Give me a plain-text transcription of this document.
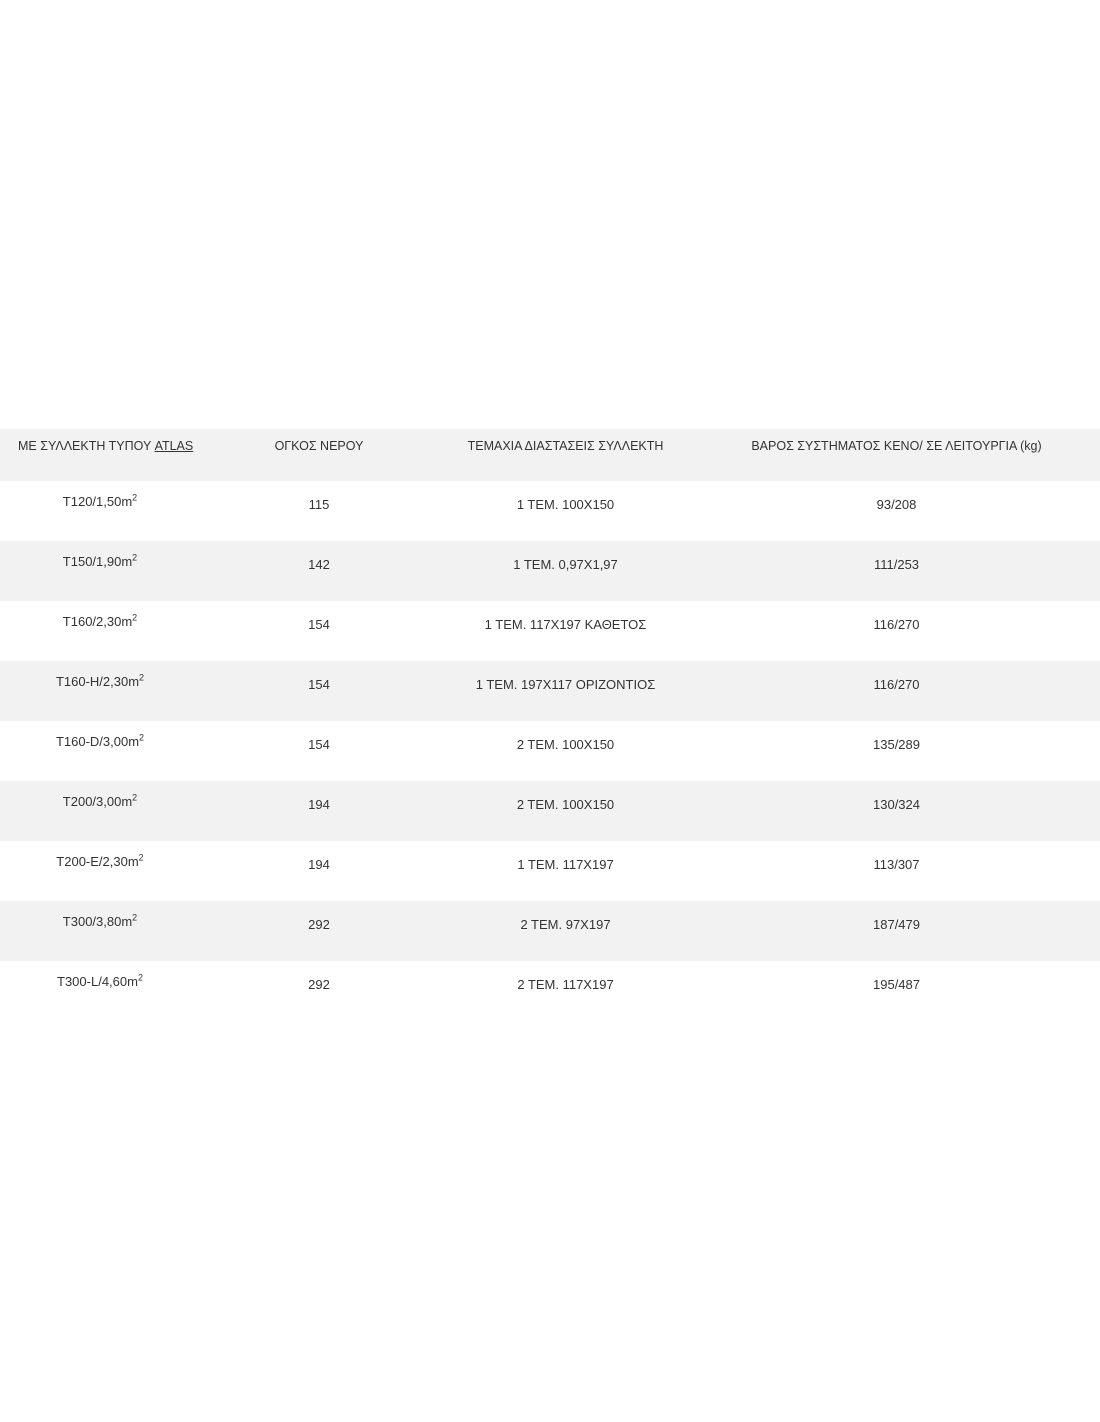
ΜΕ ΣΥΛΛΕΚΤΗ ΤΥΠΟΥ ATLAS	ΟΓΚΟΣ ΝΕΡΟΥ	ΤΕΜΑΧΙΑ ΔΙΑΣΤΑΣΕΙΣ ΣΥΛΛΕΚΤΗ	ΒΑΡΟΣ ΣΥΣΤΗΜΑΤΟΣ ΚΕΝΟ/ ΣΕ ΛΕΙΤΟΥΡΓΙΑ (kg)
$T120/1,50m^2$	115	1 ΤΕΜ. 100Χ150	93/208
$T150/1,90m^2$	142	1 ΤΕΜ. 0,97Χ1,97	111/253
$T160/2,30m^2$	154	1 ΤΕΜ. 117Χ197 ΚΑΘΕΤΟΣ	116/270
$T160-H/2,30m^2$	154	1 ΤΕΜ. 197Χ117 ΟΡΙΖΟΝΤΙΟΣ	116/270
$T160-D/3,00m^2$	154	2 ΤΕΜ. 100Χ150	135/289
$T200/3,00m^2$	194	2 ΤΕΜ. 100Χ150	130/324
$T200-E/2,30m^2$	194	1 ΤΕΜ. 117Χ197	113/307
$T300/3,80m^2$	292	2 ΤΕΜ. 97Χ197	187/479
$T300-L/4,60m^2$	292	2 ΤΕΜ. 117Χ197	195/487
